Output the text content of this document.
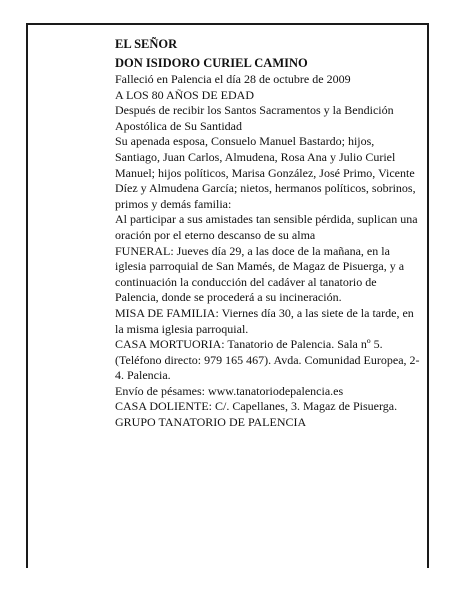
EL SEÑOR

DON ISIDORO CURIEL CAMINO

Falleció en Palencia el día 28 de octubre de 2009

A LOS 80 AÑOS DE EDAD

Después de recibir los Santos Sacramentos y la Bendición Apostólica de Su Santidad

Su apenada esposa, Consuelo Manuel Bastardo; hijos, Santiago, Juan Carlos, Almudena, Rosa Ana y Julio Curiel Manuel; hijos políticos, Marisa González, José Primo, Vicente Díez y Almudena García; nietos, hermanos políticos, sobrinos, primos y demás familia:

Al participar a sus amistades tan sensible pérdida, suplican una oración por el eterno descanso de su alma

FUNERAL: Jueves día 29, a las doce de la mañana, en la iglesia parroquial de San Mamés, de Magaz de Pisuerga, y a continuación la conducción del cadáver al tanatorio de Palencia, donde se procederá a su incineración.

MISA DE FAMILIA: Viernes día 30, a las siete de la tarde, en la misma iglesia parroquial.

CASA MORTUORIA: Tanatorio de Palencia. Sala nº 5. (Teléfono directo: 979 165 467). Avda. Comunidad Europea, 2-4. Palencia.

Envío de pésames: www.tanatoriodepalencia.es

CASA DOLIENTE: C/. Capellanes, 3. Magaz de Pisuerga.

GRUPO TANATORIO DE PALENCIA
